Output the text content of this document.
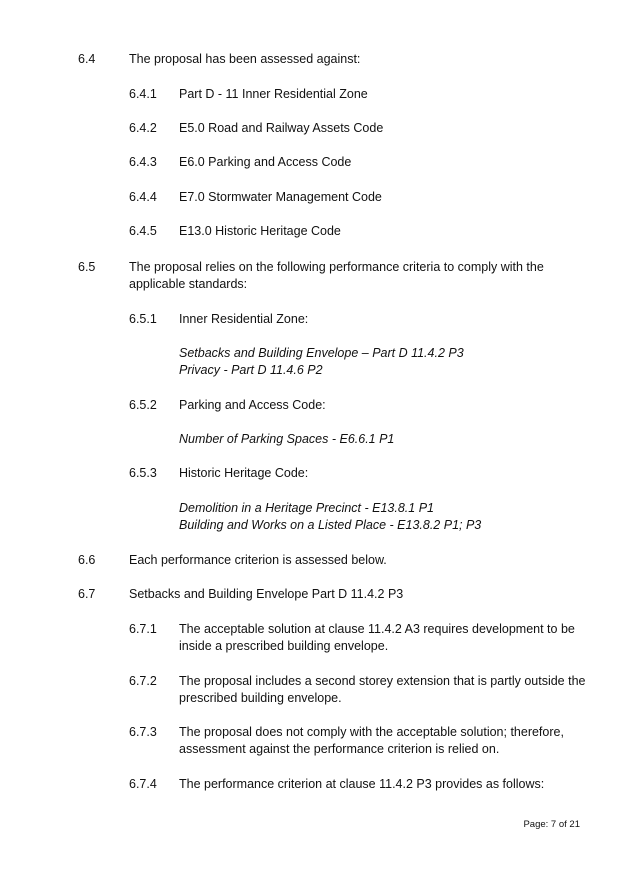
6.4	The proposal has been assessed against:
6.4.1 Part D - 11 Inner Residential Zone
6.4.2 E5.0 Road and Railway Assets Code
6.4.3 E6.0 Parking and Access Code
6.4.4 E7.0 Stormwater Management Code
6.4.5 E13.0 Historic Heritage Code
6.5	The proposal relies on the following performance criteria to comply with the
applicable standards:
6.5.1 Inner Residential Zone:
Setbacks and Building Envelope – Part D 11.4.2 P3
Privacy - Part D 11.4.6 P2
6.5.2 Parking and Access Code:
Number of Parking Spaces - E6.6.1 P1
6.5.3 Historic Heritage Code:
Demolition in a Heritage Precinct - E13.8.1 P1
Building and Works on a Listed Place - E13.8.2 P1; P3
6.6	Each performance criterion is assessed below.
6.7	Setbacks and Building Envelope Part D 11.4.2 P3
6.7.1 The acceptable solution at clause 11.4.2 A3 requires development to be
inside a prescribed building envelope.
6.7.2 The proposal includes a second storey extension that is partly outside the
prescribed building envelope.
6.7.3 The proposal does not comply with the acceptable solution; therefore,
assessment against the performance criterion is relied on.
6.7.4 The performance criterion at clause 11.4.2 P3 provides as follows:
Page: 7 of 21
